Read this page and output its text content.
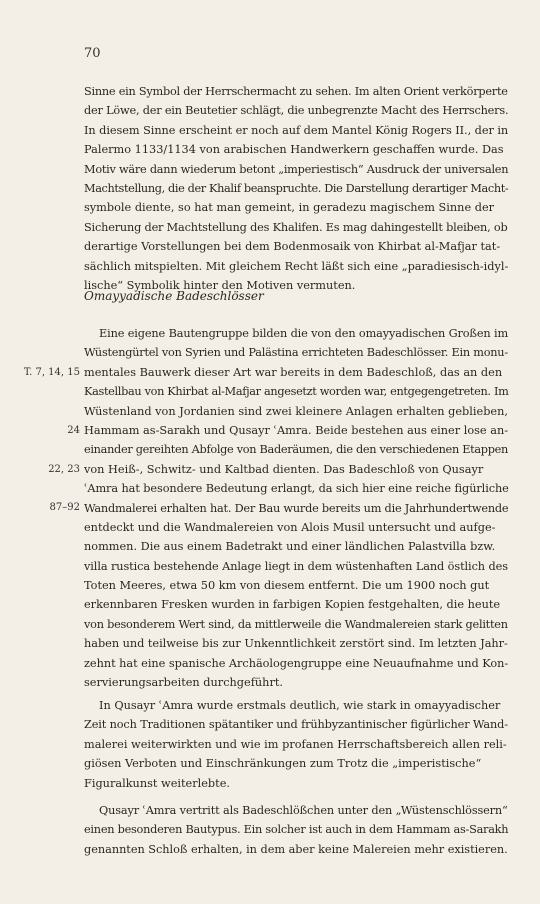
70
Sinne ein Symbol der Herrschermacht zu sehen. Im alten Orient verkörperte
der Löwe, der ein Beutetier schlägt, die unbegrenzte Macht des Herrschers.
In diesem Sinne erscheint er noch auf dem Mantel König Rogers II., der in
Palermo 1133/1134 von arabischen Handwerkern geschaffen wurde. Das
Motiv wäre dann wiederum betont „imperiestisch“ Ausdruck der universalen
Machtstellung, die der Khalif beanspruchte. Die Darstellung derartiger Macht-
symbole diente, so hat man gemeint, in geradezu magischem Sinne der
Sicherung der Machtstellung des Khalifen. Es mag dahingestellt bleiben, ob
derartige Vorstellungen bei dem Bodenmosaik von Khirbat al-Mafjar tat-
sächlich mitspielten. Mit gleichem Recht läßt sich eine „paradiesisch-idyl-
lische“ Symbolik hinter den Motiven vermuten.
Omayyadische Badeschlösser
Eine eigene Bautengruppe bilden die von den omayyadischen Großen im
Wüstengürtel von Syrien und Palästina errichteten Badeschlösser. Ein monu-
mentales Bauwerk dieser Art war bereits in dem Badeschloß, das an den
Kastellbau von Khirbat al-Mafjar angesetzt worden war, entgegengetreten. Im
Wüstenland von Jordanien sind zwei kleinere Anlagen erhalten geblieben,
Hammam as-Sarakh und Qusayr ʿAmra. Beide bestehen aus einer lose an-
einander gereihten Abfolge von Baderäumen, die den verschiedenen Etappen
von Heiß-, Schwitz- und Kaltbad dienten. Das Badeschloß von Qusayr
ʿAmra hat besondere Bedeutung erlangt, da sich hier eine reiche figürliche
Wandmalerei erhalten hat. Der Bau wurde bereits um die Jahrhundertwende
entdeckt und die Wandmalereien von Alois Musil untersucht und aufge-
nommen. Die aus einem Badetrakt und einer ländlichen Palastvilla bzw.
villa rustica bestehende Anlage liegt in dem wüstenhaften Land östlich des
Toten Meeres, etwa 50 km von diesem entfernt. Die um 1900 noch gut
erkennbaren Fresken wurden in farbigen Kopien festgehalten, die heute
von besonderem Wert sind, da mittlerweile die Wandmalereien stark gelitten
haben und teilweise bis zur Unkenntlichkeit zerstört sind. Im letzten Jahr-
zehnt hat eine spanische Archäologengruppe eine Neuaufnahme und Kon-
servierungsarbeiten durchgeführt.
In Qusayr ʿAmra wurde erstmals deutlich, wie stark in omayyadischer
Zeit noch Traditionen spätantiker und frühbyzantinischer figürlicher Wand-
malerei weiterwirkten und wie im profanen Herrschaftsbereich allen reli-
giösen Verboten und Einschränkungen zum Trotz die „imperistische“
Figuralkunst weiterlebte.
Qusayr ʿAmra vertritt als Badeschlößchen unter den „Wüstenschlössern“
einen besonderen Bautypus. Ein solcher ist auch in dem Hammam as-Sarakh
genannten Schloß erhalten, in dem aber keine Malereien mehr existieren.
T. 7, 14, 15
24
22, 23
87–92
